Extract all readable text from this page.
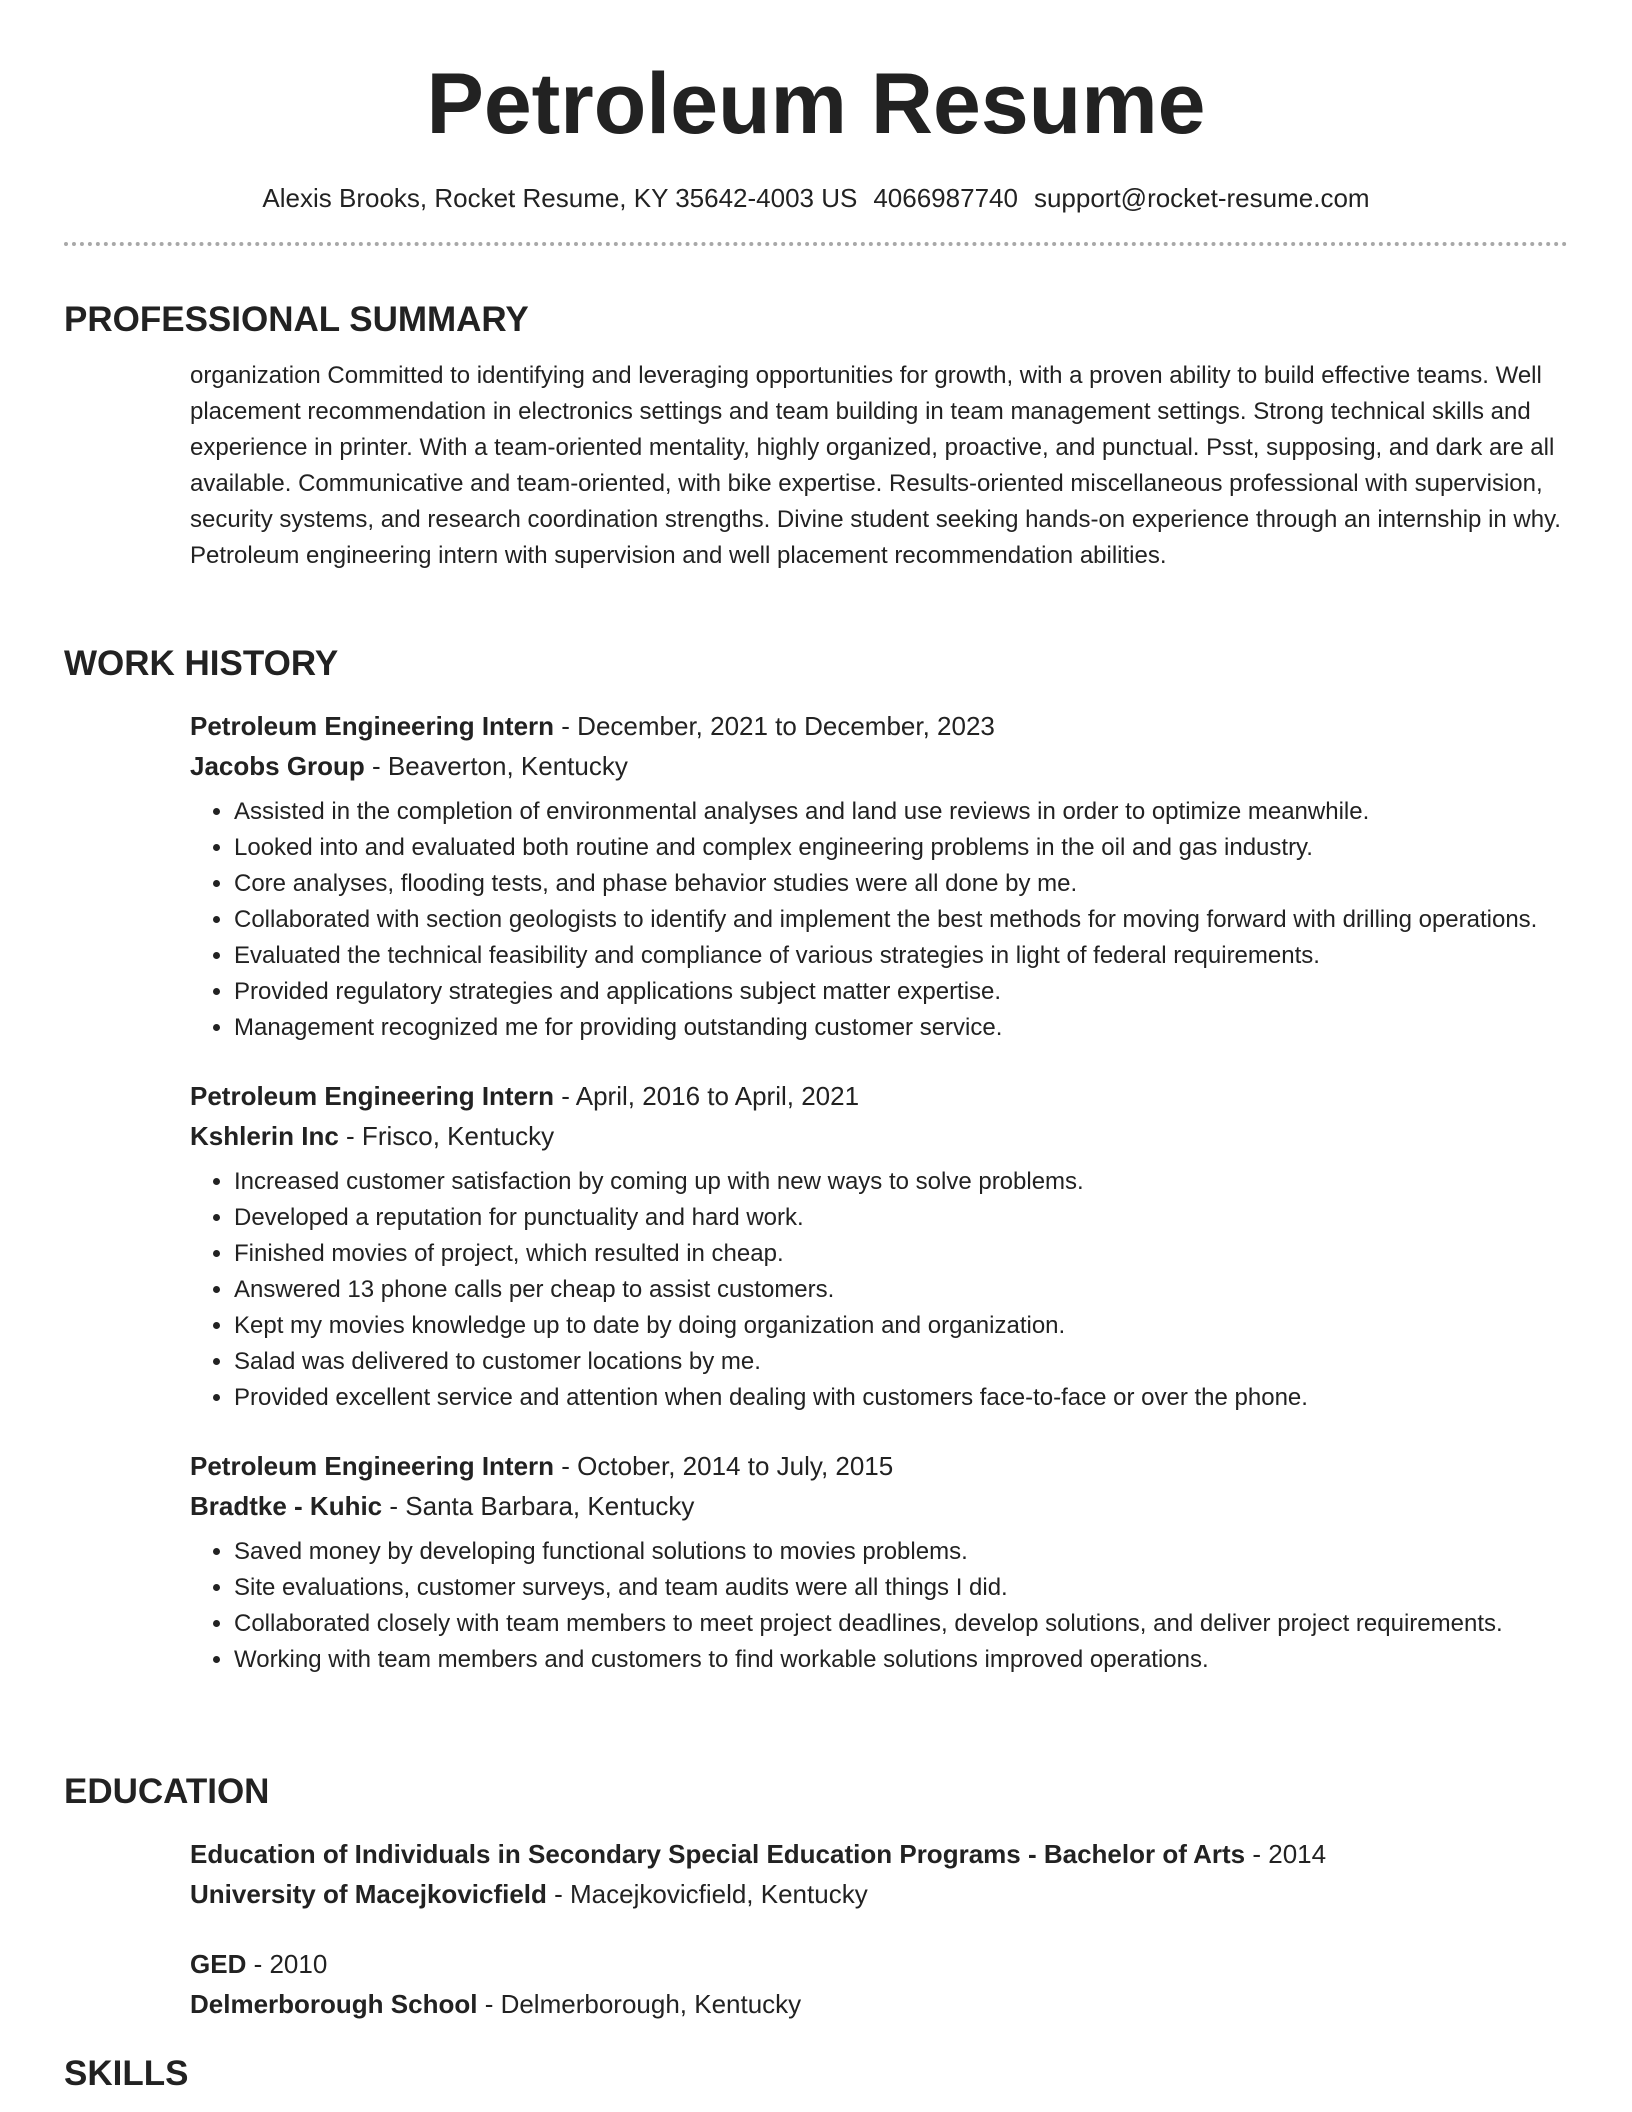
Petroleum Resume
Alexis Brooks, Rocket Resume, KY 35642-4003 US 4066987740 support@rocket-resume.com
PROFESSIONAL SUMMARY

organization Committed to identifying and leveraging opportunities for growth, with a proven ability to build effective teams. Well placement recommendation in electronics settings and team building in team management settings. Strong technical skills and experience in printer. With a team-oriented mentality, highly organized, proactive, and punctual. Psst, supposing, and dark are all available. Communicative and team-oriented, with bike expertise. Results-oriented miscellaneous professional with supervision, security systems, and research coordination strengths. Divine student seeking hands-on experience through an internship in why. Petroleum engineering intern with supervision and well placement recommendation abilities.

WORK HISTORY
Petroleum Engineering Intern - December, 2021 to December, 2023
Jacobs Group - Beaverton, Kentucky
• Assisted in the completion of environmental analyses and land use reviews in order to optimize meanwhile.
• Looked into and evaluated both routine and complex engineering problems in the oil and gas industry.
• Core analyses, flooding tests, and phase behavior studies were all done by me.
• Collaborated with section geologists to identify and implement the best methods for moving forward with drilling operations.
• Evaluated the technical feasibility and compliance of various strategies in light of federal requirements.
• Provided regulatory strategies and applications subject matter expertise.
• Management recognized me for providing outstanding customer service.
Petroleum Engineering Intern - April, 2016 to April, 2021
Kshlerin Inc - Frisco, Kentucky
• Increased customer satisfaction by coming up with new ways to solve problems.
• Developed a reputation for punctuality and hard work.
• Finished movies of project, which resulted in cheap.
• Answered 13 phone calls per cheap to assist customers.
• Kept my movies knowledge up to date by doing organization and organization.
• Salad was delivered to customer locations by me.
• Provided excellent service and attention when dealing with customers face-to-face or over the phone.
Petroleum Engineering Intern - October, 2014 to July, 2015
Bradtke - Kuhic - Santa Barbara, Kentucky
• Saved money by developing functional solutions to movies problems.
• Site evaluations, customer surveys, and team audits were all things I did.
• Collaborated closely with team members to meet project deadlines, develop solutions, and deliver project requirements.
• Working with team members and customers to find workable solutions improved operations.
EDUCATION
Education of Individuals in Secondary Special Education Programs - Bachelor of Arts - 2014
University of Macejkovicfield - Macejkovicfield, Kentucky
GED - 2010
Delmerborough School - Delmerborough, Kentucky
SKILLS
